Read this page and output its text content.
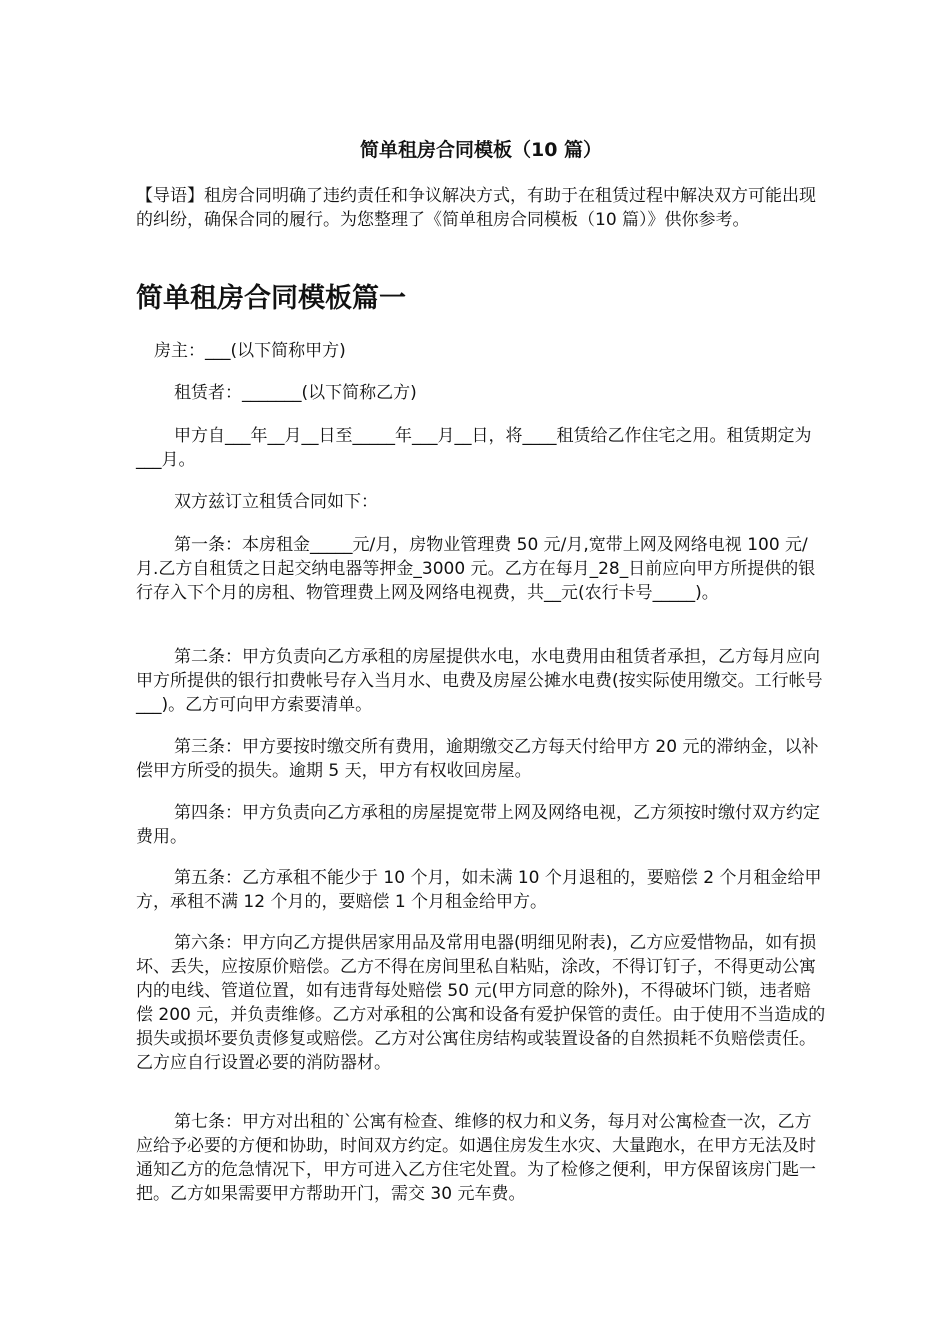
简单租房合同模板（10 篇）
【导语】租房合同明确了违约责任和争议解决方式，有助于在租赁过程中解决双方可能出现的纠纷，确保合同的履行。为您整理了《简单租房合同模板（10 篇）》供你参考。
简单租房合同模板篇一
房主：___(以下简称甲方)
租赁者：_______(以下简称乙方)
甲方自___年__月__日至_____年___月__日，将____租赁给乙作住宅之用。租赁期定为___月。
双方兹订立租赁合同如下：
第一条：本房租金_____元/月，房物业管理费 50 元/月,宽带上网及网络电视 100 元/月.乙方自租赁之日起交纳电器等押金_3000 元。乙方在每月_28_日前应向甲方所提供的银行存入下个月的房租、物管理费上网及网络电视费，共__元(农行卡号_____)。
第二条：甲方负责向乙方承租的房屋提供水电，水电费用由租赁者承担，乙方每月应向甲方所提供的银行扣费帐号存入当月水、电费及房屋公摊水电费(按实际使用缴交。工行帐号___)。乙方可向甲方索要清单。
第三条：甲方要按时缴交所有费用，逾期缴交乙方每天付给甲方 20 元的滞纳金，以补偿甲方所受的损失。逾期 5 天，甲方有权收回房屋。
第四条：甲方负责向乙方承租的房屋提宽带上网及网络电视，乙方须按时缴付双方约定费用。
第五条：乙方承租不能少于 10 个月，如未满 10 个月退租的，要赔偿 2 个月租金给甲方，承租不满 12 个月的，要赔偿 1 个月租金给甲方。
第六条：甲方向乙方提供居家用品及常用电器(明细见附表)，乙方应爱惜物品，如有损坏、丢失，应按原价赔偿。乙方不得在房间里私自粘贴，涂改，不得订钉子，不得更动公寓内的电线、管道位置，如有违背每处赔偿 50 元(甲方同意的除外)，不得破坏门锁，违者赔偿 200 元，并负责维修。乙方对承租的公寓和设备有爱护保管的责任。由于使用不当造成的损失或损坏要负责修复或赔偿。乙方对公寓住房结构或装置设备的自然损耗不负赔偿责任。乙方应自行设置必要的消防器材。
第七条：甲方对出租的`公寓有检查、维修的权力和义务，每月对公寓检查一次，乙方应给予必要的方便和协助，时间双方约定。如遇住房发生水灾、大量跑水，在甲方无法及时通知乙方的危急情况下，甲方可进入乙方住宅处置。为了检修之便利，甲方保留该房门匙一把。乙方如果需要甲方帮助开门，需交 30 元车费。
